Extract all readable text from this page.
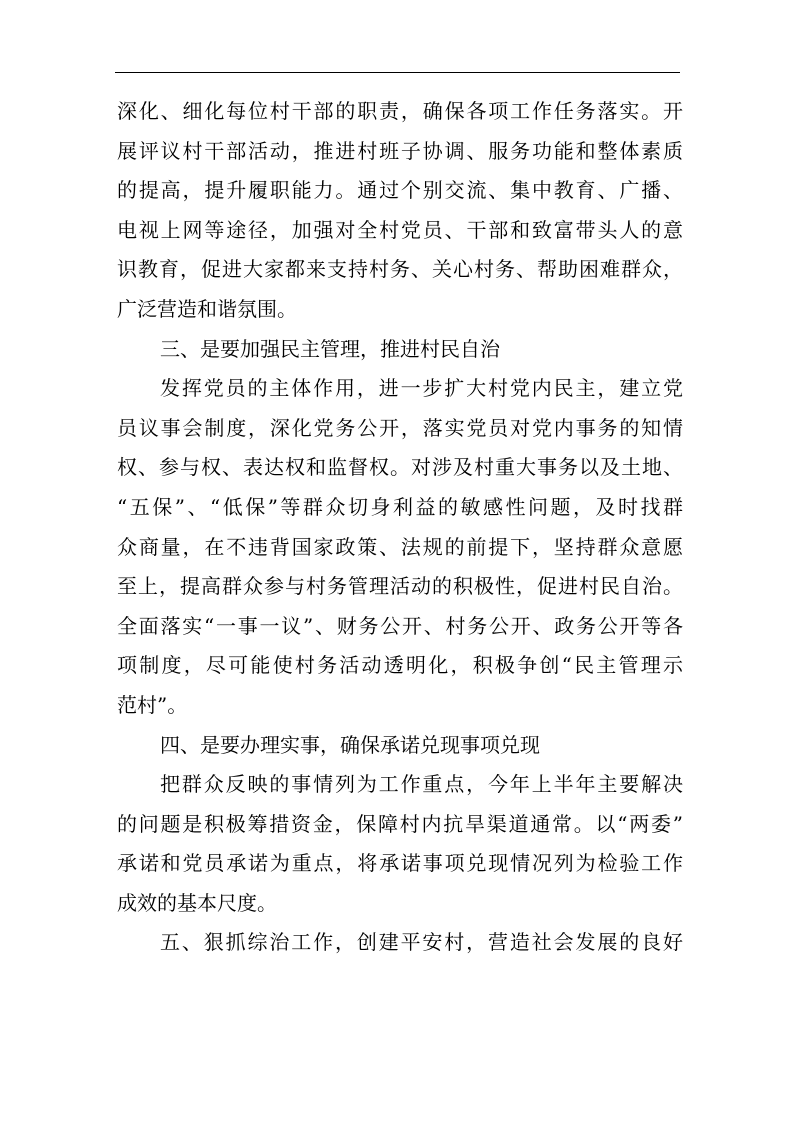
深化、细化每位村干部的职责，确保各项工作任务落实。开
展评议村干部活动，推进村班子协调、服务功能和整体素质
的提高，提升履职能力。通过个别交流、集中教育、广播、
电视上网等途径，加强对全村党员、干部和致富带头人的意
识教育，促进大家都来支持村务、关心村务、帮助困难群众，
广泛营造和谐氛围。
三、是要加强民主管理，推进村民自治
发挥党员的主体作用，进一步扩大村党内民主，建立党
员议事会制度，深化党务公开，落实党员对党内事务的知情
权、参与权、表达权和监督权。对涉及村重大事务以及土地、
“五保”、“低保”等群众切身利益的敏感性问题，及时找群
众商量，在不违背国家政策、法规的前提下，坚持群众意愿
至上，提高群众参与村务管理活动的积极性，促进村民自治。
全面落实“一事一议”、财务公开、村务公开、政务公开等各
项制度，尽可能使村务活动透明化，积极争创“民主管理示
范村”。
四、是要办理实事，确保承诺兑现事项兑现
把群众反映的事情列为工作重点，今年上半年主要解决
的问题是积极筹措资金，保障村内抗旱渠道通常。以“两委”
承诺和党员承诺为重点，将承诺事项兑现情况列为检验工作
成效的基本尺度。
五、狠抓综治工作，创建平安村，营造社会发展的良好
